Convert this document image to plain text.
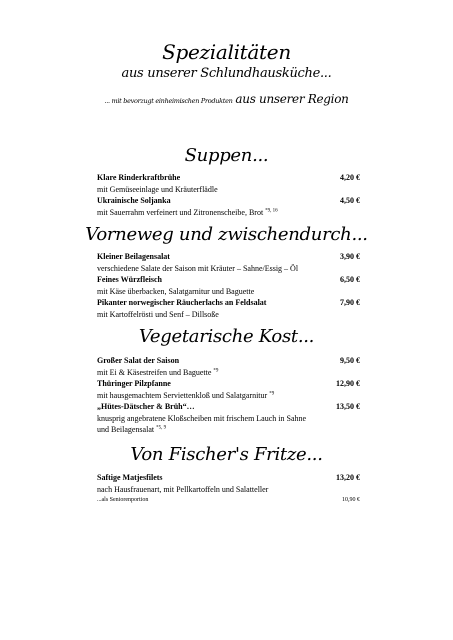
Spezialitäten
aus unserer Schlundhausküche...
... mit bevorzugt einheimischen Produkten aus unserer Region
Suppen...
Klare Rinderkraftbrühe	4,20 €
mit Gemüseeinlage und Kräuterflädle
Ukrainische Soljanka	4,50 €
mit Sauerrahm verfeinert und Zitronenscheibe, Brot $^{*9, 16}$
Vorneweg und zwischendurch...
Kleiner Beilagensalat	3,90 €
verschiedene Salate der Saison mit Kräuter – Sahne/Essig – Öl
Feines Würzfleisch	6,50 €
mit Käse überbacken, Salatgarnitur und Baguette
Pikanter norwegischer Räucherlachs an Feldsalat	7,90 €
mit Kartoffelrösti und Senf – Dillsoße
Vegetarische Kost...
Großer Salat der Saison	9,50 €
mit Ei & Käsestreifen und Baguette $^{*9}$
Thüringer Pilzpfanne	12,90 €
mit hausgemachtem Serviettenkloß und Salatgarnitur $^{*9}$
„Hütes-Dätscher & Brüh“…	13,50 €
knusprig angebratene Kloßscheiben mit frischem Lauch in Sahne
und Beilagensalat $^{*5, 9}$
Von Fischer's Fritze...
Saftige Matjesfilets	13,20 €
nach Hausfrauenart, mit Pellkartoffeln und Salatteller
...als Seniorenportion	10,90 €
